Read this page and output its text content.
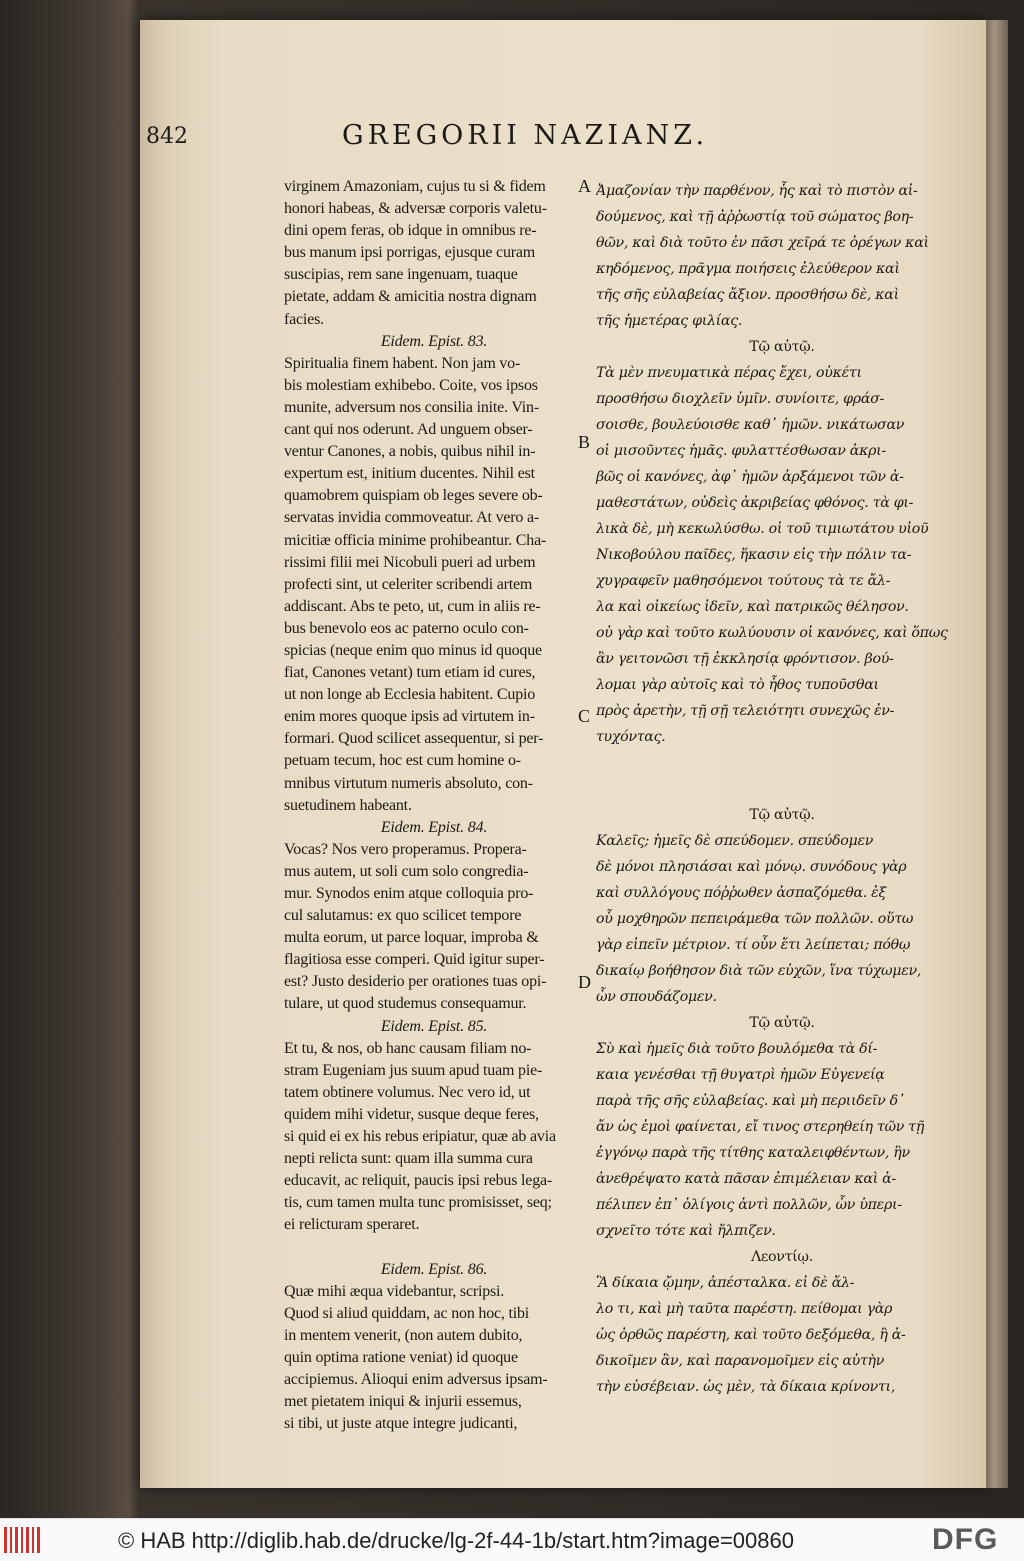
842	GREGORII NAZIANZ.
virginem Amazoniam, cujus tu si & fidem
honori habeas, & adversæ corporis valetu-
dini opem feras, ob idque in omnibus re-
bus manum ipsi porrigas, ejusque curam
suscipias, rem sane ingenuam, tuaque
pietate, addam & amicitia nostra dignam
facies.
Eidem. Epist. 83.
Spiritualia finem habent. Non jam vo-
bis molestiam exhibebo. Coite, vos ipsos
munite, adversum nos consilia inite. Vin-
cant qui nos oderunt. Ad unguem obser-
ventur Canones, a nobis, quibus nihil in-
expertum est, initium ducentes. Nihil est
quamobrem quispiam ob leges severe ob-
servatas invidia commoveatur. At vero a-
micitiæ officia minime prohibeantur. Cha-
rissimi filii mei Nicobuli pueri ad urbem
profecti sint, ut celeriter scribendi artem
addiscant. Abs te peto, ut, cum in aliis re-
bus benevolo eos ac paterno oculo con-
spicias (neque enim quo minus id quoque
fiat, Canones vetant) tum etiam id cures,
ut non longe ab Ecclesia habitent. Cupio
enim mores quoque ipsis ad virtutem in-
formari. Quod scilicet assequentur, si per-
petuam tecum, hoc est cum homine o-
mnibus virtutum numeris absoluto, con-
suetudinem habeant.
Eidem. Epist. 84.
Vocas? Nos vero properamus. Propera-
mus autem, ut soli cum solo congredia-
mur. Synodos enim atque colloquia pro-
cul salutamus: ex quo scilicet tempore
multa eorum, ut parce loquar, improba &
flagitiosa esse comperi. Quid igitur super-
est? Justo desiderio per orationes tuas opi-
tulare, ut quod studemus consequamur.
Eidem. Epist. 85.
Et tu, & nos, ob hanc causam filiam no-
stram Eugeniam jus suum apud tuam pie-
tatem obtinere volumus. Nec vero id, ut
quidem mihi videtur, susque deque feres,
si quid ei ex his rebus eripiatur, quæ ab avia
nepti relicta sunt: quam illa summa cura
educavit, ac reliquit, paucis ipsi rebus lega-
tis, cum tamen multa tunc promisisset, seq;
ei relicturam speraret.
Eidem. Epist. 86.
Quæ mihi æqua videbantur, scripsi.
Quod si aliud quiddam, ac non hoc, tibi
in mentem venerit, (non autem dubito,
quin optima ratione veniat) id quoque
accipiemus. Alioqui enim adversus ipsam-
met pietatem iniqui & injurii essemus,
si tibi, ut juste atque integre judicanti,
Ἀμαζονίαν τὴν παρθένον, ἧς καὶ τὸ πιστὸν αἰ-
δούμενος, καὶ τῇ ἀῤῥωστίᾳ τοῦ σώματος βοη-
θῶν, καὶ διὰ τοῦτο ἐν πᾶσι χεῖρά τε ὀρέγων καὶ
κηδόμενος, πρᾶγμα ποιήσεις ἐλεύθερον καὶ
τῆς σῆς εὐλαβείας ἄξιον. προσθήσω δὲ, καὶ
τῆς ἡμετέρας φιλίας.
Τῷ αὐτῷ.
Τὰ μὲν πνευματικὰ πέρας ἔχει, οὐκέτι
προσθήσω διοχλεῖν ὑμῖν. συνίοιτε, φράσ-
σοισθε, βουλεύοισθε καθ᾽ ἡμῶν. νικάτωσαν
οἱ μισοῦντες ἡμᾶς. φυλαττέσθωσαν ἀκρι-
βῶς οἱ κανόνες, ἀφ᾽ ἡμῶν ἀρξάμενοι τῶν ἀ-
μαθεστάτων, οὐδεὶς ἀκριβείας φθόνος. τὰ φι-
λικὰ δὲ, μὴ κεκωλύσθω. οἱ τοῦ τιμιωτάτου υἱοῦ
Νικοβούλου παῖδες, ἥκασιν εἰς τὴν πόλιν τα-
χυγραφεῖν μαθησόμενοι τούτους τὰ τε ἄλ-
λα καὶ οἰκείως ἰδεῖν, καὶ πατρικῶς θέλησον.
οὐ γὰρ καὶ τοῦτο κωλύουσιν οἱ κανόνες, καὶ ὅπως
ἂν γειτονῶσι τῇ ἐκκλησίᾳ φρόντισον. βού-
λομαι γὰρ αὐτοῖς καὶ τὸ ἦθος τυποῦσθαι
πρὸς ἀρετὴν, τῇ σῇ τελειότητι συνεχῶς ἐν-
τυχόντας.
Τῷ αὐτῷ.
Καλεῖς; ἡμεῖς δὲ σπεύδομεν. σπεύδομεν
δὲ μόνοι πλησιάσαι καὶ μόνῳ. συνόδους γὰρ
καὶ συλλόγους πόῤῥωθεν ἀσπαζόμεθα. ἐξ
οὗ μοχθηρῶν πεπειράμεθα τῶν πολλῶν. οὕτω
γὰρ εἰπεῖν μέτριον. τί οὖν ἔτι λείπεται; πόθῳ
δικαίῳ βοήθησον διὰ τῶν εὐχῶν, ἵνα τύχωμεν,
ὧν σπουδάζομεν.
Τῷ αὐτῷ.
Σὺ καὶ ἡμεῖς διὰ τοῦτο βουλόμεθα τὰ δί-
καια γενέσθαι τῇ θυγατρὶ ἡμῶν Εὐγενείᾳ
παρὰ τῆς σῆς εὐλαβείας. καὶ μὴ περιιδεῖν δ᾽
ἄν ὡς ἐμοὶ φαίνεται, εἴ τινος στερηθείη τῶν τῇ
ἐγγόνῳ παρὰ τῆς τίτθης καταλειφθέντων, ἣν
ἀνεθρέψατο κατὰ πᾶσαν ἐπιμέλειαν καὶ ἀ-
πέλιπεν ἐπ᾽ ὀλίγοις ἀντὶ πολλῶν, ὧν ὑπερι-
σχνεῖτο τότε καὶ ἤλπιζεν.
Λεοντίῳ.
Ἃ δίκαια ᾤμην, ἀπέσταλκα. εἰ δὲ ἄλ-
λο τι, καὶ μὴ ταῦτα παρέστη. πείθομαι γὰρ
ὡς ὀρθῶς παρέστη, καὶ τοῦτο δεξόμεθα, ἢ ἀ-
δικοῖμεν ἂν, καὶ παρανομοῖμεν εἰς αὐτὴν
τὴν εὐσέβειαν. ὡς μὲν, τὰ δίκαια κρίνοντι,
A
B
C
D
© HAB http://diglib.hab.de/drucke/lg-2f-44-1b/start.htm?image=00860	DFG
